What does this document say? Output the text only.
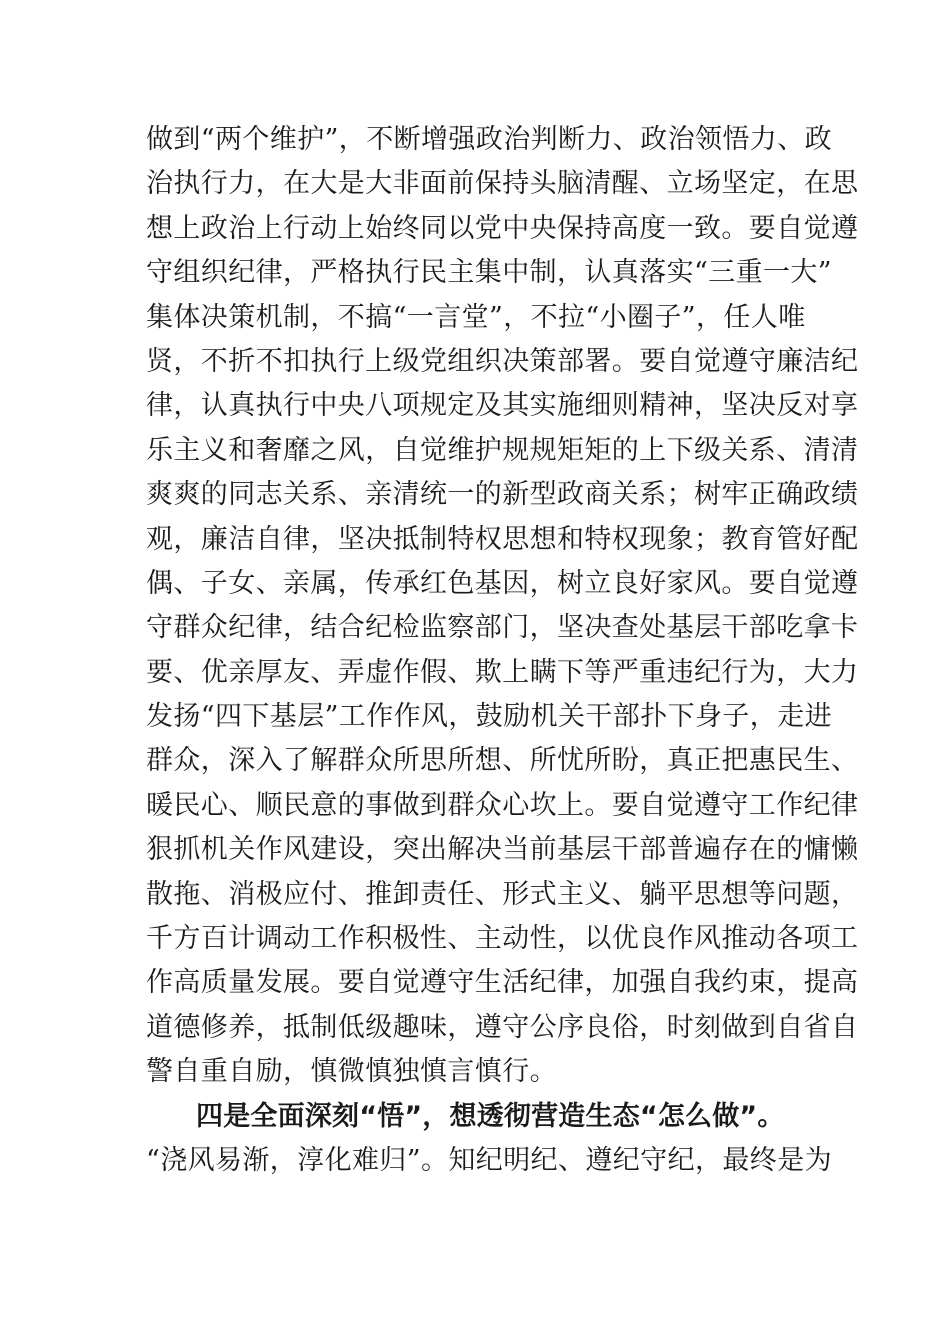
做到“两个维护”，不断增强政治判断力、政治领悟力、政
治执行力，在大是大非面前保持头脑清醒、立场坚定，在思
想上政治上行动上始终同以党中央保持高度一致。要自觉遵
守组织纪律，严格执行民主集中制，认真落实“三重一大”
集体决策机制，不搞“一言堂”，不拉“小圈子”，任人唯
贤，不折不扣执行上级党组织决策部署。要自觉遵守廉洁纪
律，认真执行中央八项规定及其实施细则精神，坚决反对享
乐主义和奢靡之风，自觉维护规规矩矩的上下级关系、清清
爽爽的同志关系、亲清统一的新型政商关系；树牢正确政绩
观，廉洁自律，坚决抵制特权思想和特权现象；教育管好配
偶、子女、亲属，传承红色基因，树立良好家风。要自觉遵
守群众纪律，结合纪检监察部门，坚决查处基层干部吃拿卡
要、优亲厚友、弄虚作假、欺上瞒下等严重违纪行为，大力
发扬“四下基层”工作作风，鼓励机关干部扑下身子，走进
群众，深入了解群众所思所想、所忧所盼，真正把惠民生、
暖民心、顺民意的事做到群众心坎上。要自觉遵守工作纪律
狠抓机关作风建设，突出解决当前基层干部普遍存在的慵懒
散拖、消极应付、推卸责任、形式主义、躺平思想等问题，
千方百计调动工作积极性、主动性，以优良作风推动各项工
作高质量发展。要自觉遵守生活纪律，加强自我约束，提高
道德修养，抵制低级趣味，遵守公序良俗，时刻做到自省自
警自重自励，慎微慎独慎言慎行。
四是全面深刻“悟”，想透彻营造生态“怎么做”。
“浇风易渐，淳化难归”。知纪明纪、遵纪守纪，最终是为
